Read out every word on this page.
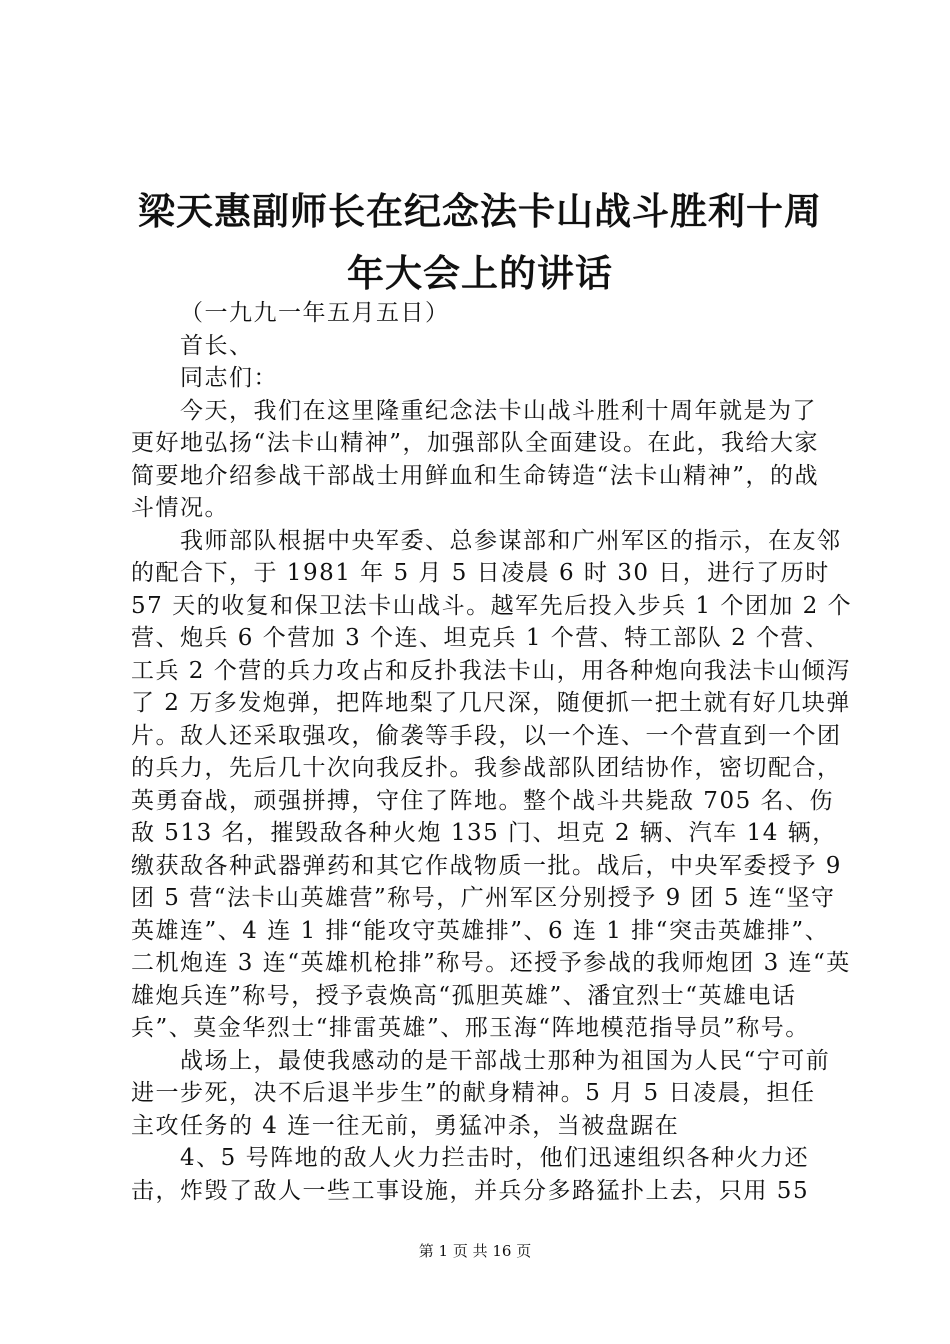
梁天惠副师长在纪念法卡山战斗胜利十周年大会上的讲话

（一九九一年五月五日）

首长、

同志们：

今天，我们在这里隆重纪念法卡山战斗胜利十周年就是为了更好地弘扬“法卡山精神”，加强部队全面建设。在此，我给大家简要地介绍参战干部战士用鲜血和生命铸造“法卡山精神”，的战斗情况。

我师部队根据中央军委、总参谋部和广州军区的指示，在友邻的配合下，于 1981 年 5 月 5 日凌晨 6 时 30 日，进行了历时 57 天的收复和保卫法卡山战斗。越军先后投入步兵 1 个团加 2 个营、炮兵 6 个营加 3 个连、坦克兵 1 个营、特工部队 2 个营、工兵 2 个营的兵力攻占和反扑我法卡山，用各种炮向我法卡山倾泻了 2 万多发炮弹，把阵地梨了几尺深，随便抓一把土就有好几块弹片。敌人还采取强攻，偷袭等手段，以一个连、一个营直到一个团的兵力，先后几十次向我反扑。我参战部队团结协作，密切配合，英勇奋战，顽强拼搏，守住了阵地。整个战斗共毙敌 705 名、伤敌 513 名，摧毁敌各种火炮 135 门、坦克 2 辆、汽车 14 辆，缴获敌各种武器弹药和其它作战物质一批。战后，中央军委授予 9 团 5 营“法卡山英雄营”称号，广州军区分别授予 9 团 5 连“坚守英雄连”、4 连 1 排“能攻守英雄排”、6 连 1 排“突击英雄排”、二机炮连 3 连“英雄机枪排”称号。还授予参战的我师炮团 3 连“英雄炮兵连”称号，授予袁焕高“孤胆英雄”、潘宜烈士“英雄电话兵”、莫金华烈士“排雷英雄”、邢玉海“阵地模范指导员”称号。

战场上，最使我感动的是干部战士那种为祖国为人民“宁可前进一步死，决不后退半步生”的献身精神。5 月 5 日凌晨，担任主攻任务的 4 连一往无前，勇猛冲杀，当被盘踞在

4、5 号阵地的敌人火力拦击时，他们迅速组织各种火力还击，炸毁了敌人一些工事设施，并兵分多路猛扑上去，只用 55

第 1 页 共 16 页
